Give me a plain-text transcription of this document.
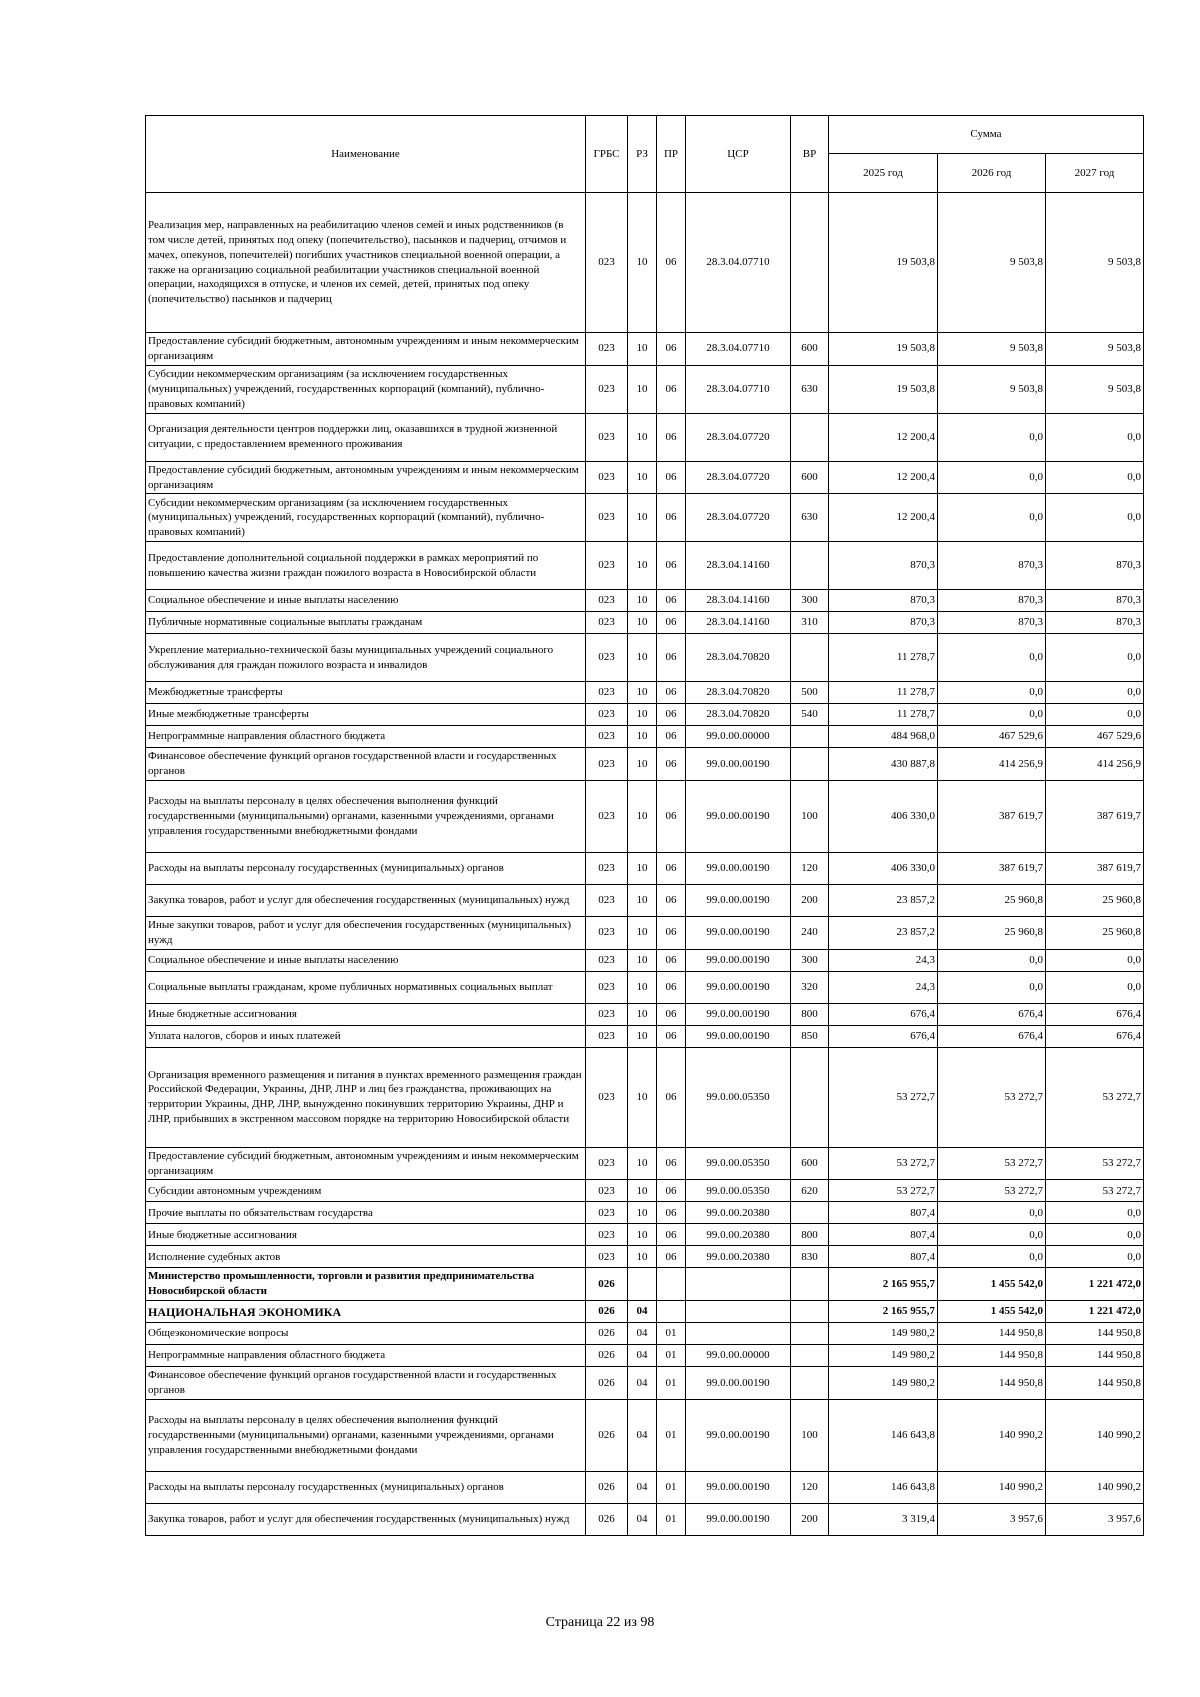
Наименование	ГРБС	РЗ	ПР	ЦСР	ВР	Сумма		
						2025 год	2026 год	2027 год
Реализация мер, направленных на реабилитацию членов семей и иных родственников (в том числе детей, принятых под опеку (попечительство), пасынков и падчериц, отчимов и мачех, опекунов, попечителей) погибших участников специальной военной операции, а также на организацию социальной реабилитации участников специальной военной операции, находящихся в отпуске, и членов их семей, детей, принятых под опеку (попечительство) пасынков и падчериц	023	10	06	28.3.04.07710		19 503,8	9 503,8	9 503,8
Предоставление субсидий бюджетным, автономным учреждениям и иным некоммерческим организациям	023	10	06	28.3.04.07710	600	19 503,8	9 503,8	9 503,8
Субсидии некоммерческим организациям (за исключением государственных (муниципальных) учреждений, государственных корпораций (компаний), публично-правовых компаний)	023	10	06	28.3.04.07710	630	19 503,8	9 503,8	9 503,8
Организация деятельности центров поддержки лиц, оказавшихся в трудной жизненной ситуации, с предоставлением временного проживания	023	10	06	28.3.04.07720		12 200,4	0,0	0,0
Предоставление субсидий бюджетным, автономным учреждениям и иным некоммерческим организациям	023	10	06	28.3.04.07720	600	12 200,4	0,0	0,0
Субсидии некоммерческим организациям (за исключением государственных (муниципальных) учреждений, государственных корпораций (компаний), публично-правовых компаний)	023	10	06	28.3.04.07720	630	12 200,4	0,0	0,0
Предоставление дополнительной социальной поддержки в рамках мероприятий по повышению качества жизни граждан пожилого возраста в Новосибирской области	023	10	06	28.3.04.14160		870,3	870,3	870,3
Социальное обеспечение и иные выплаты населению	023	10	06	28.3.04.14160	300	870,3	870,3	870,3
Публичные нормативные социальные выплаты гражданам	023	10	06	28.3.04.14160	310	870,3	870,3	870,3
Укрепление материально-технической базы муниципальных учреждений социального обслуживания для граждан пожилого возраста и инвалидов	023	10	06	28.3.04.70820		11 278,7	0,0	0,0
Межбюджетные трансферты	023	10	06	28.3.04.70820	500	11 278,7	0,0	0,0
Иные межбюджетные трансферты	023	10	06	28.3.04.70820	540	11 278,7	0,0	0,0
Непрограммные направления областного бюджета	023	10	06	99.0.00.00000		484 968,0	467 529,6	467 529,6
Финансовое обеспечение функций органов государственной власти и государственных органов	023	10	06	99.0.00.00190		430 887,8	414 256,9	414 256,9
Расходы на выплаты персоналу в целях обеспечения выполнения функций государственными (муниципальными) органами, казенными учреждениями, органами управления государственными внебюджетными фондами	023	10	06	99.0.00.00190	100	406 330,0	387 619,7	387 619,7
Расходы на выплаты персоналу государственных (муниципальных) органов	023	10	06	99.0.00.00190	120	406 330,0	387 619,7	387 619,7
Закупка товаров, работ и услуг для обеспечения государственных (муниципальных) нужд	023	10	06	99.0.00.00190	200	23 857,2	25 960,8	25 960,8
Иные закупки товаров, работ и услуг для обеспечения государственных (муниципальных) нужд	023	10	06	99.0.00.00190	240	23 857,2	25 960,8	25 960,8
Социальное обеспечение и иные выплаты населению	023	10	06	99.0.00.00190	300	24,3	0,0	0,0
Социальные выплаты гражданам, кроме публичных нормативных социальных выплат	023	10	06	99.0.00.00190	320	24,3	0,0	0,0
Иные бюджетные ассигнования	023	10	06	99.0.00.00190	800	676,4	676,4	676,4
Уплата налогов, сборов и иных платежей	023	10	06	99.0.00.00190	850	676,4	676,4	676,4
Организация временного размещения и питания в пунктах временного размещения граждан Российской Федерации, Украины, ДНР, ЛНР и лиц без гражданства, проживающих на территории Украины, ДНР, ЛНР, вынужденно покинувших территорию Украины, ДНР и ЛНР, прибывших в экстренном массовом порядке на территорию Новосибирской области	023	10	06	99.0.00.05350		53 272,7	53 272,7	53 272,7
Предоставление субсидий бюджетным, автономным учреждениям и иным некоммерческим организациям	023	10	06	99.0.00.05350	600	53 272,7	53 272,7	53 272,7
Субсидии автономным учреждениям	023	10	06	99.0.00.05350	620	53 272,7	53 272,7	53 272,7
Прочие выплаты по обязательствам государства	023	10	06	99.0.00.20380		807,4	0,0	0,0
Иные бюджетные ассигнования	023	10	06	99.0.00.20380	800	807,4	0,0	0,0
Исполнение судебных актов	023	10	06	99.0.00.20380	830	807,4	0,0	0,0
Министерство промышленности, торговли и развития предпринимательства Новосибирской области	026					2 165 955,7	1 455 542,0	1 221 472,0
НАЦИОНАЛЬНАЯ ЭКОНОМИКА	026	04				2 165 955,7	1 455 542,0	1 221 472,0
Общеэкономические вопросы	026	04	01			149 980,2	144 950,8	144 950,8
Непрограммные направления областного бюджета	026	04	01	99.0.00.00000		149 980,2	144 950,8	144 950,8
Финансовое обеспечение функций органов государственной власти и государственных органов	026	04	01	99.0.00.00190		149 980,2	144 950,8	144 950,8
Расходы на выплаты персоналу в целях обеспечения выполнения функций государственными (муниципальными) органами, казенными учреждениями, органами управления государственными внебюджетными фондами	026	04	01	99.0.00.00190	100	146 643,8	140 990,2	140 990,2
Расходы на выплаты персоналу государственных (муниципальных) органов	026	04	01	99.0.00.00190	120	146 643,8	140 990,2	140 990,2
Закупка товаров, работ и услуг для обеспечения государственных (муниципальных) нужд	026	04	01	99.0.00.00190	200	3 319,4	3 957,6	3 957,6
Страница 22 из 98
